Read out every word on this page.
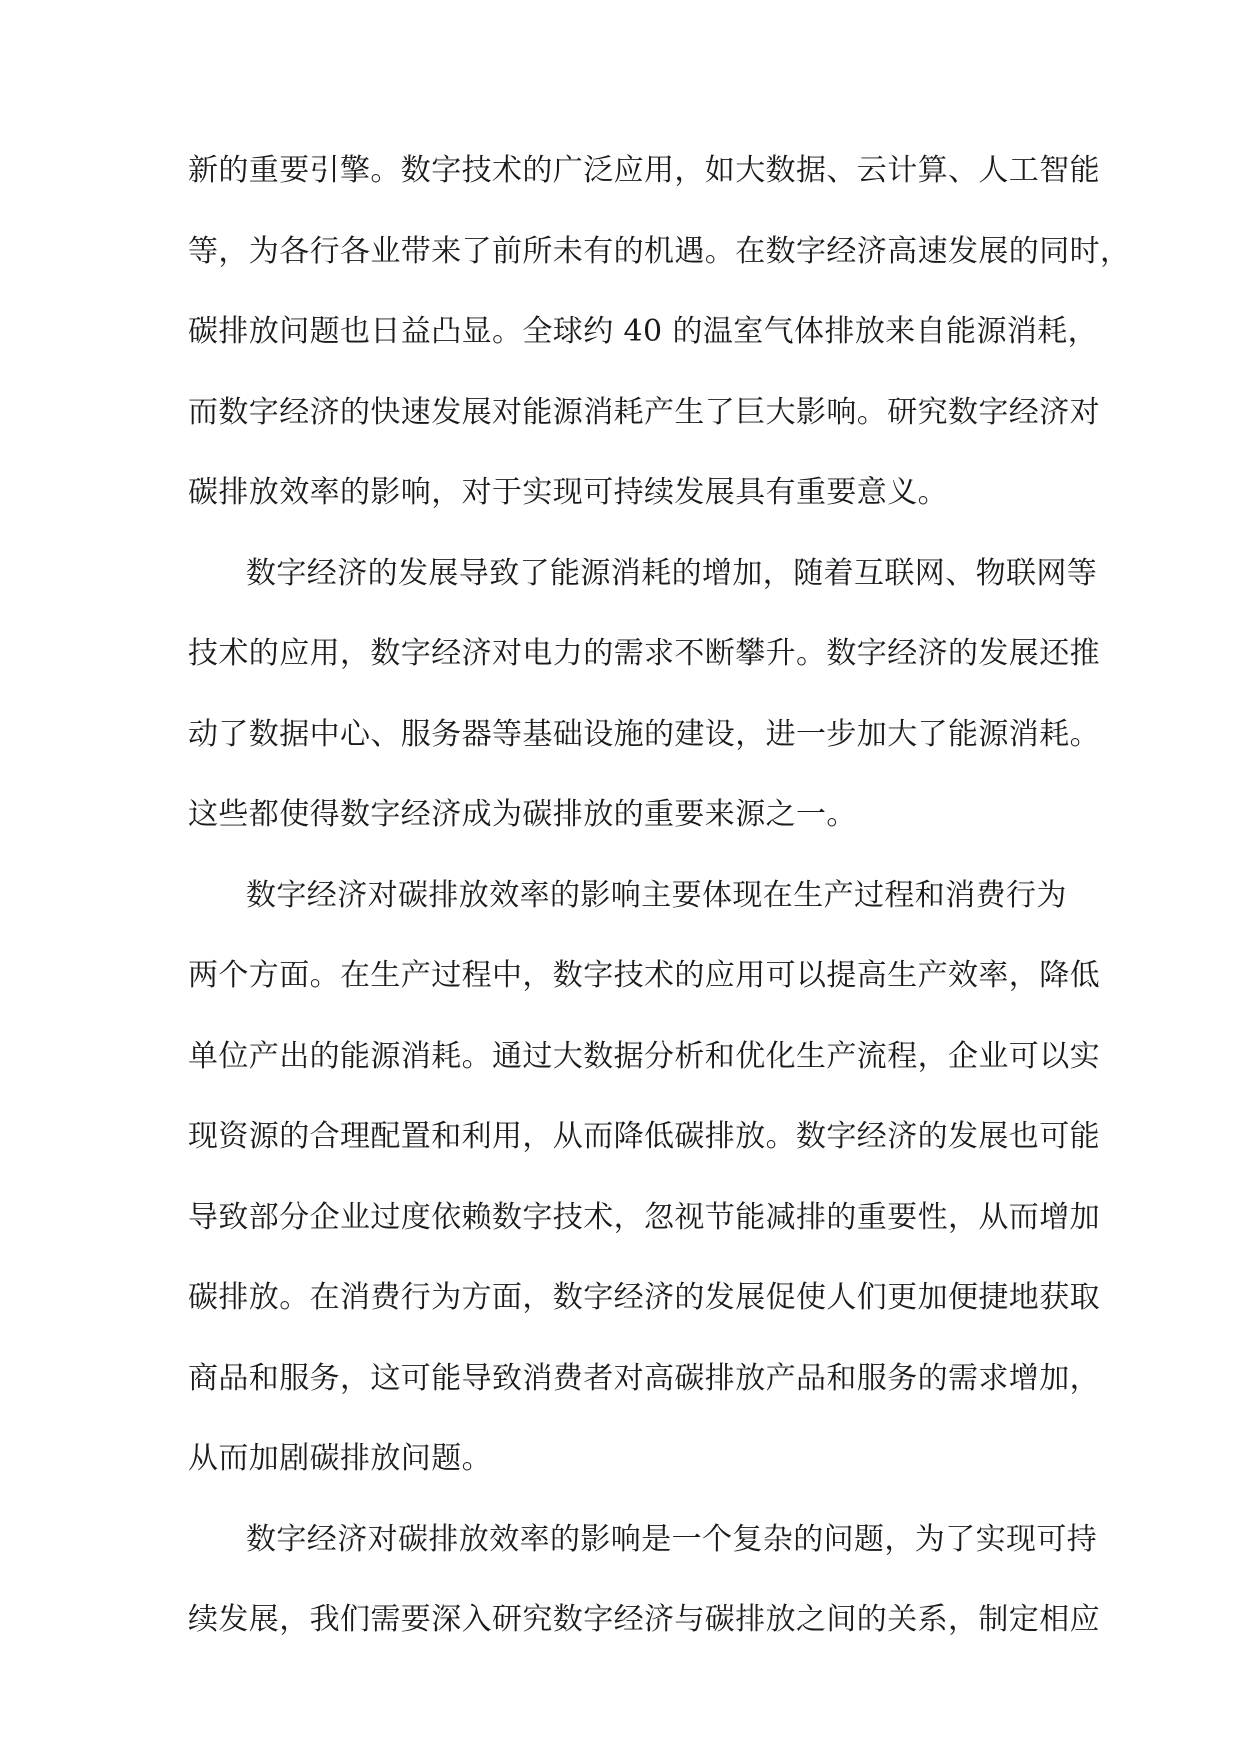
新的重要引擎。数字技术的广泛应用，如大数据、云计算、人工智能
等，为各行各业带来了前所未有的机遇。在数字经济高速发展的同时，
碳排放问题也日益凸显。全球约 40 的温室气体排放来自能源消耗，
而数字经济的快速发展对能源消耗产生了巨大影响。研究数字经济对
碳排放效率的影响，对于实现可持续发展具有重要意义。
数字经济的发展导致了能源消耗的增加，随着互联网、物联网等
技术的应用，数字经济对电力的需求不断攀升。数字经济的发展还推
动了数据中心、服务器等基础设施的建设，进一步加大了能源消耗。
这些都使得数字经济成为碳排放的重要来源之一。
数字经济对碳排放效率的影响主要体现在生产过程和消费行为
两个方面。在生产过程中，数字技术的应用可以提高生产效率，降低
单位产出的能源消耗。通过大数据分析和优化生产流程，企业可以实
现资源的合理配置和利用，从而降低碳排放。数字经济的发展也可能
导致部分企业过度依赖数字技术，忽视节能减排的重要性，从而增加
碳排放。在消费行为方面，数字经济的发展促使人们更加便捷地获取
商品和服务，这可能导致消费者对高碳排放产品和服务的需求增加，
从而加剧碳排放问题。
数字经济对碳排放效率的影响是一个复杂的问题，为了实现可持
续发展，我们需要深入研究数字经济与碳排放之间的关系，制定相应
